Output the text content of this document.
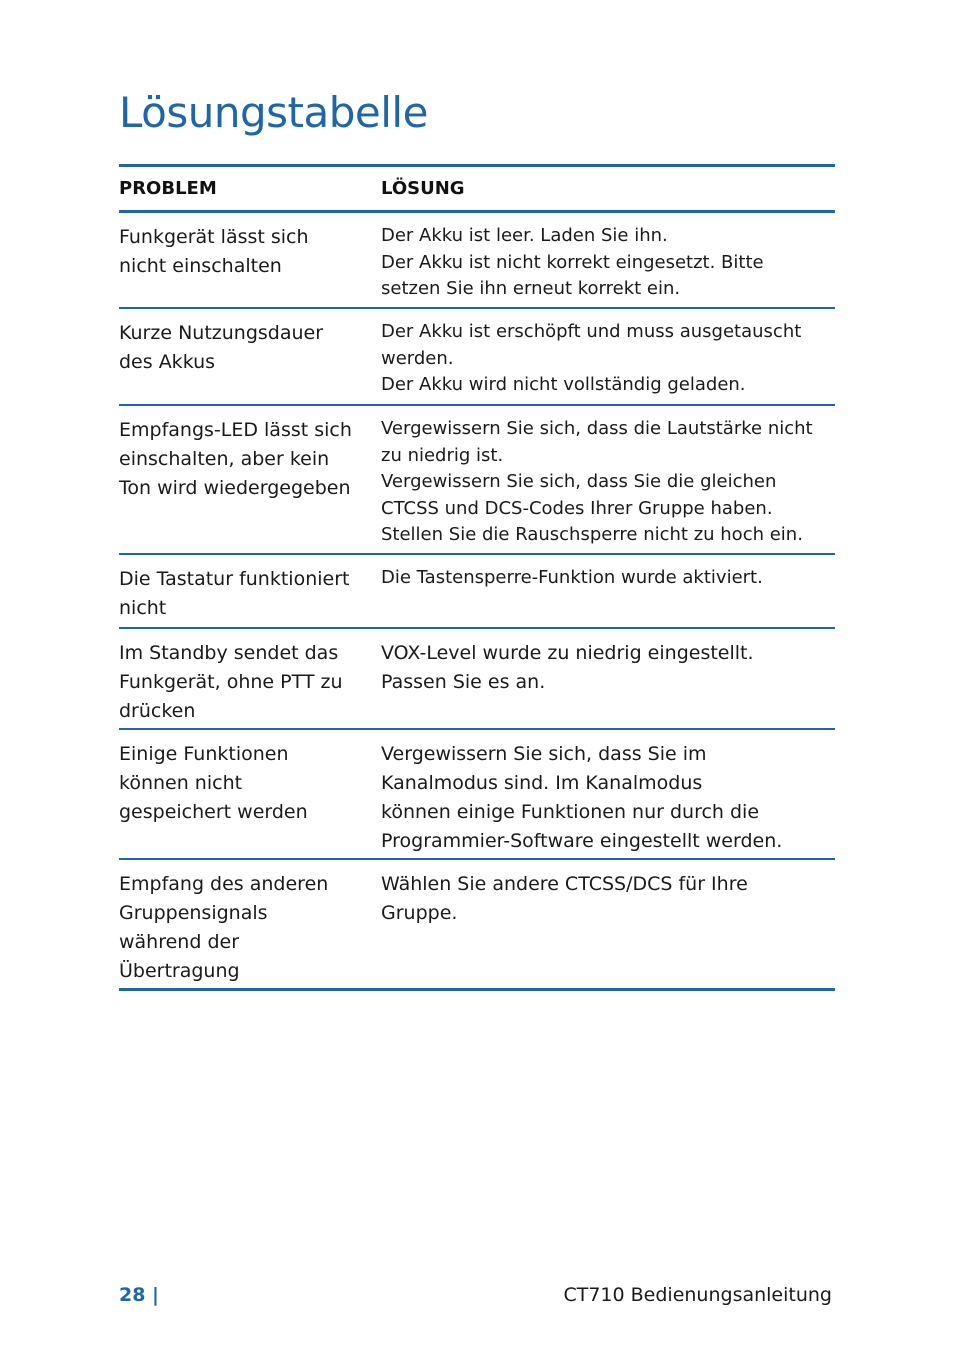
Lösungstabelle
PROBLEM	LÖSUNG
Funkgerät lässt sich
nicht einschalten
Der Akku ist leer. Laden Sie ihn.
Der Akku ist nicht korrekt eingesetzt. Bitte
setzen Sie ihn erneut korrekt ein.
Kurze Nutzungsdauer
des Akkus
Der Akku ist erschöpft und muss ausgetauscht
werden.
Der Akku wird nicht vollständig geladen.
Empfangs-LED lässt sich
einschalten, aber kein
Ton wird wiedergegeben
Vergewissern Sie sich, dass die Lautstärke nicht
zu niedrig ist.
Vergewissern Sie sich, dass Sie die gleichen
CTCSS und DCS-Codes Ihrer Gruppe haben.
Stellen Sie die Rauschsperre nicht zu hoch ein.
Die Tastatur funktioniert
nicht
Die Tastensperre-Funktion wurde aktiviert.
Im Standby sendet das
Funkgerät, ohne PTT zu
drücken
VOX-Level wurde zu niedrig eingestellt.
Passen Sie es an.
Einige Funktionen
können nicht
gespeichert werden
Vergewissern Sie sich, dass Sie im
Kanalmodus sind. Im Kanalmodus
können einige Funktionen nur durch die
Programmier-Software eingestellt werden.
Empfang des anderen
Gruppensignals
während der
Übertragung
Wählen Sie andere CTCSS/DCS für Ihre
Gruppe.
28 |	CT710 Bedienungsanleitung
